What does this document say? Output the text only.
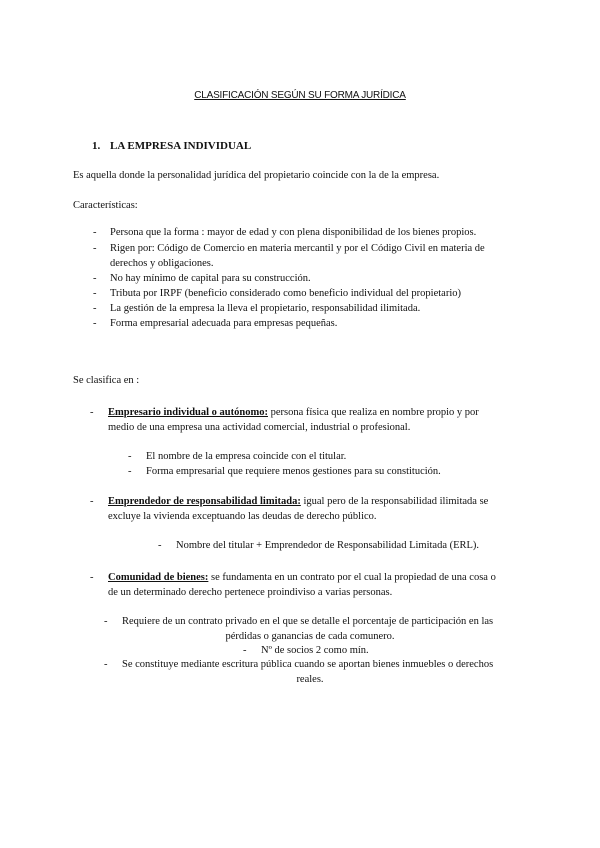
CLASIFICACIÓN SEGÚN SU FORMA JURÍDICA
1. LA EMPRESA INDIVIDUAL
Es aquella donde la personalidad jurídica del propietario coincide con la de la empresa.
Características:
- Persona que la forma : mayor de edad y con plena disponibilidad de los bienes propios.
- Rigen por: Código de Comercio en materia mercantil y por el Código Civil en materia de
derechos y obligaciones.
- No hay mínimo de capital para su construcción.
- Tributa por IRPF (beneficio considerado como beneficio individual del propietario)
- La gestión de la empresa la lleva el propietario, responsabilidad ilimitada.
- Forma empresarial adecuada para empresas pequeñas.
Se clasifica en :
- Empresario individual o autónomo: persona física que realiza en nombre propio y por
medio de una empresa una actividad comercial, industrial o profesional.
- El nombre de la empresa coincide con el titular.
- Forma empresarial que requiere menos gestiones para su constitución.
- Emprendedor de responsabilidad limitada: igual pero de la responsabilidad ilimitada se
excluye la vivienda exceptuando las deudas de derecho público.
- Nombre del titular + Emprendedor de Responsabilidad Limitada (ERL).
- Comunidad de bienes: se fundamenta en un contrato por el cual la propiedad de una cosa o
de un determinado derecho pertenece proindiviso a varias personas.
- Requiere de un contrato privado en el que se detalle el porcentaje de participación en las
pérdidas o ganancias de cada comunero.
- Nº de socios 2 como mín.
- Se constituye mediante escritura pública cuando se aportan bienes inmuebles o derechos
reales.
